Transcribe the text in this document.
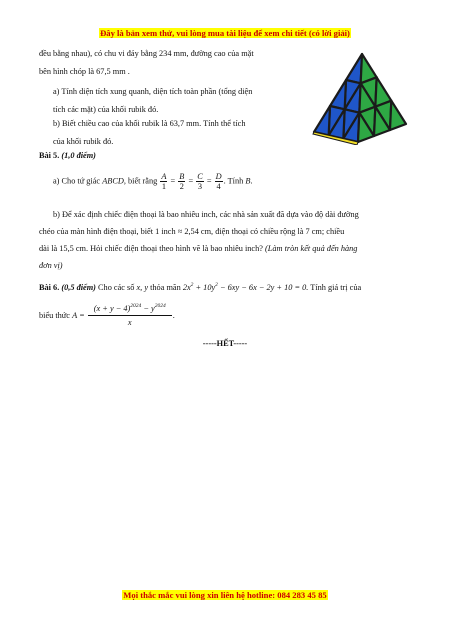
Đây là bản xem thử, vui lòng mua tài liệu để xem chi tiết (có lời giải)
đều bằng nhau), có chu vi đáy bằng 234 mm, đường cao của mặt
bên hình chóp là 67,5 mm .
a) Tính diện tích xung quanh, diện tích toàn phần (tổng diện
tích các mặt) của khối rubik đó.
b) Biết chiều cao của khối rubik là 63,7 mm. Tính thể tích
của khối rubik đó.
Bài 5. (1,0 điểm)
a) Cho tứ giác ABCD, biết rằng $\frac{A}{1} = \frac{B}{2} = \frac{C}{3} = \frac{D}{4}$ . Tính B.
b) Để xác định chiếc điện thoại là bao nhiêu inch, các nhà sản xuất đã dựa vào độ dài đường
chéo của màn hình điện thoại, biết 1 inch ≈ 2,54 cm, điện thoại có chiều rộng là 7 cm; chiều
dài là 15,5 cm. Hỏi chiếc điện thoại theo hình vẽ là bao nhiêu inch? (Làm tròn kết quả đến hàng
đơn vị)
Bài 6. (0,5 điểm) Cho các số x, y thỏa mãn $2x^2 + 10y^2 - 6xy - 6x - 2y + 10 = 0$. Tính giá trị của
biểu thức $A = \frac{(x + y - 4)^{2024} - y^{2024}}{x}$ .
-----HẾT-----
Mọi thắc mắc vui lòng xin liên hệ hotline: 084 283 45 85
